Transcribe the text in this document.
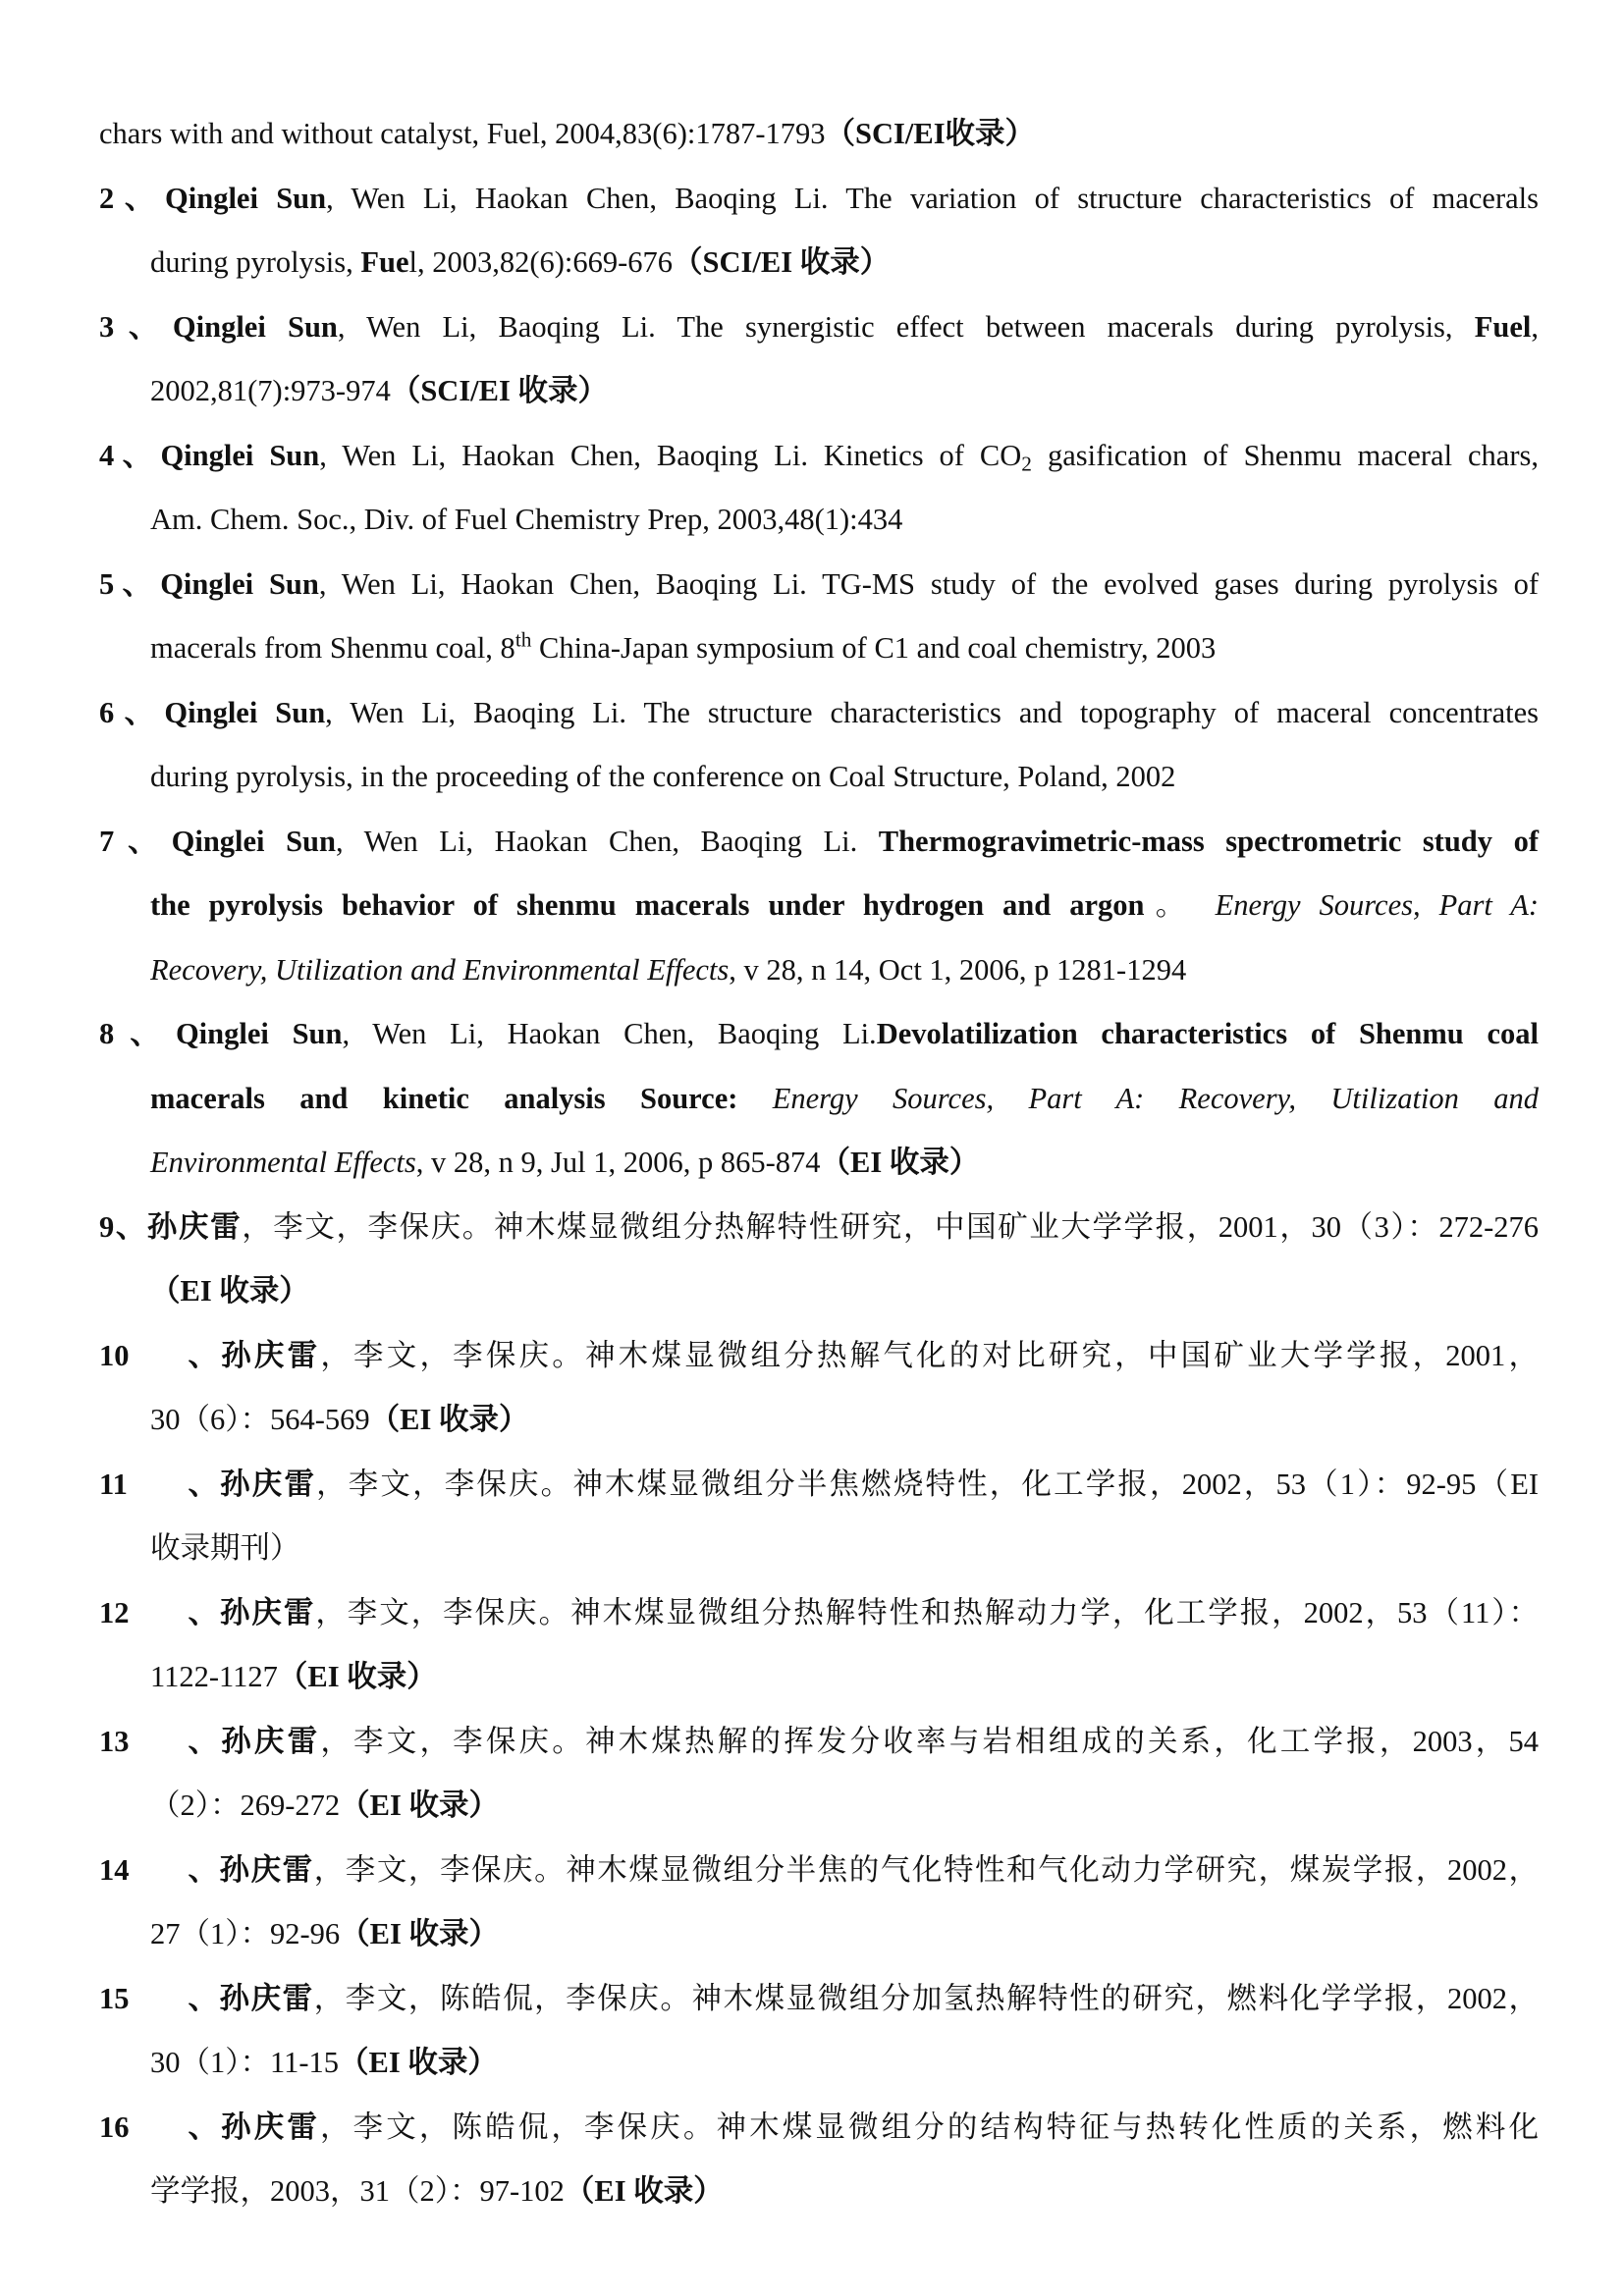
chars with and without catalyst, Fuel, 2004,83(6):1787-1793（SCI/EI收录）
2、Qinglei Sun, Wen Li, Haokan Chen, Baoqing Li. The variation of structure characteristics of macerals
during pyrolysis, Fuel, 2003,82(6):669-676（SCI/EI 收录）
3、Qinglei Sun, Wen Li, Baoqing Li. The synergistic effect between macerals during pyrolysis, Fuel,
2002,81(7):973-974（SCI/EI 收录）
4、Qinglei Sun, Wen Li, Haokan Chen, Baoqing Li. Kinetics of $CO_2$ gasification of Shenmu maceral chars,
Am. Chem. Soc., Div. of Fuel Chemistry Prep, 2003,48(1):434
5、Qinglei Sun, Wen Li, Haokan Chen, Baoqing Li. TG-MS study of the evolved gases during pyrolysis of
macerals from Shenmu coal, 8th China-Japan symposium of C1 and coal chemistry, 2003
6、Qinglei Sun, Wen Li, Baoqing Li. The structure characteristics and topography of maceral concentrates
during pyrolysis, in the proceeding of the conference on Coal Structure, Poland, 2002
7、Qinglei Sun, Wen Li, Haokan Chen, Baoqing Li. Thermogravimetric-mass spectrometric study of
the pyrolysis behavior of shenmu macerals under hydrogen and argon。 Energy Sources, Part A:
Recovery, Utilization and Environmental Effects, v 28, n 14, Oct 1, 2006, p 1281-1294
8、Qinglei Sun, Wen Li, Haokan Chen, Baoqing Li.Devolatilization characteristics of Shenmu coal
macerals and kinetic analysis Source: Energy Sources, Part A: Recovery, Utilization and
Environmental Effects, v 28, n 9, Jul 1, 2006, p 865-874（EI 收录）
9、孙庆雷，李文，李保庆。神木煤显微组分热解特性研究，中国矿业大学学报，2001，30（3）：272-276
（EI 收录）
10、孙庆雷，李文，李保庆。神木煤显微组分热解气化的对比研究，中国矿业大学学报，2001，
30（6）：564-569（EI 收录）
11、孙庆雷，李文，李保庆。神木煤显微组分半焦燃烧特性，化工学报，2002，53（1）：92-95（EI
收录期刊）
12、孙庆雷，李文，李保庆。神木煤显微组分热解特性和热解动力学，化工学报，2002，53（11）：
1122-1127（EI 收录）
13、孙庆雷，李文，李保庆。神木煤热解的挥发分收率与岩相组成的关系，化工学报，2003，54
（2）：269-272（EI 收录）
14、孙庆雷，李文，李保庆。神木煤显微组分半焦的气化特性和气化动力学研究，煤炭学报，2002，
27（1）：92-96（EI 收录）
15、孙庆雷，李文，陈皓侃，李保庆。神木煤显微组分加氢热解特性的研究，燃料化学学报，2002，
30（1）：11-15（EI 收录）
16、孙庆雷，李文，陈皓侃，李保庆。神木煤显微组分的结构特征与热转化性质的关系，燃料化
学学报，2003，31（2）：97-102（EI 收录）
